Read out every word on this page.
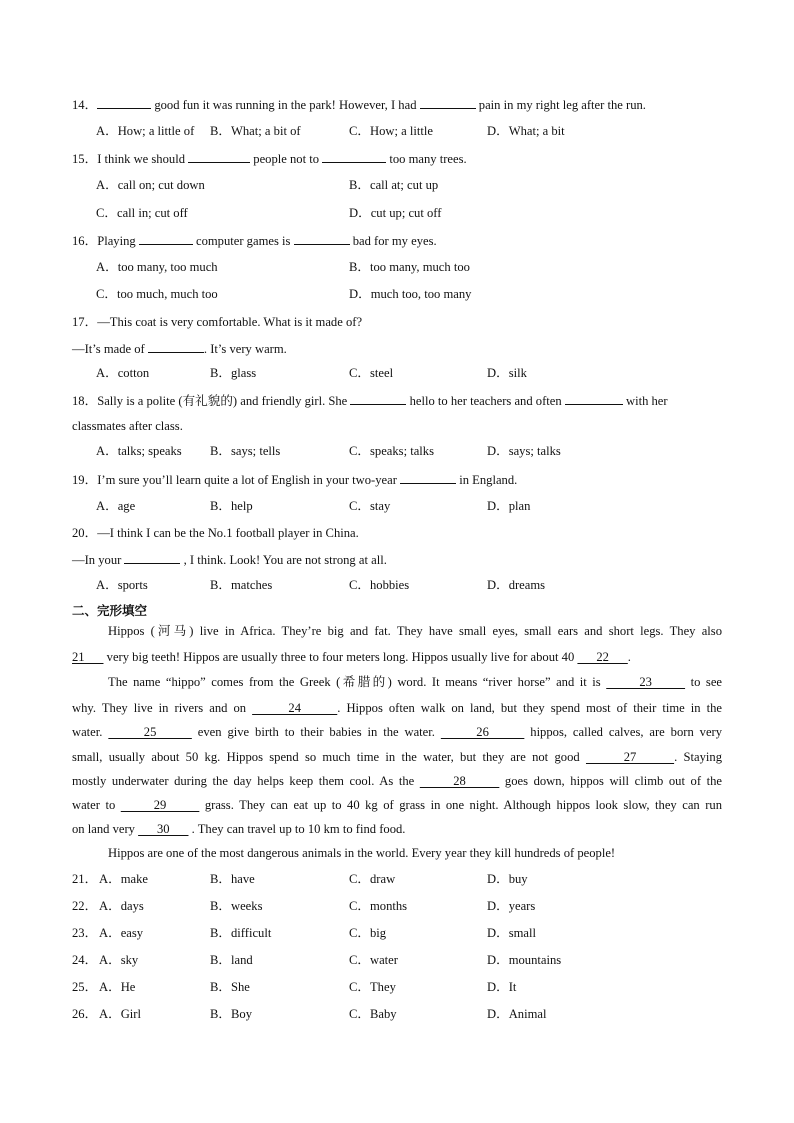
14．	good fun it was running in the park! However, I had	pain in my right leg after the run.
A．How; a little of B．What; a bit of	C．How; a little	D．What; a bit
15．I think we should	people not to	too many trees.
A．call on; cut down	B．call at; cut up
C．call in; cut off	D．cut up; cut off
16．Playing	computer games is	bad for my eyes.
A．too many, too much	B．too many, much too
C．too much, much too	D．much too, too many
17．—This coat is very comfortable. What is it made of?
—It’s made of	. It’s very warm.
A．cotton	B．glass	C．steel	D．silk
18．Sally is a polite (有礼貌的) and friendly girl. She	hello to her teachers and often	with her
classmates after class.
A．talks; speaks B．says; tells	C．speaks; talks	D．says; talks
19．I’m sure you’ll learn quite a lot of English in your two-year	in England.
A．age	B．help	C．stay	D．plan
20．—I think I can be the No.1 football player in China.
—In your	, I think. Look! You are not strong at all.
A．sports	B．matches	C．hobbies	D．dreams
二、完形填空
Hippos (河马) live in Africa. They’re big and fat. They have small eyes, small ears and short legs. They also
21       very big teeth! Hippos are usually three to four meters long. Hippos usually live for about 40       22      .
The name “hippo” comes from the Greek (希腊的) word. It means “river horse” and it is       23       to see
why. They live in rivers and on       24      . Hippos often walk on land, but they spend most of their time in the
water.       25       even give birth to their babies in the water.       26       hippos, called calves, are born very
small, usually about 50 kg. Hippos spend so much time in the water, but they are not good       27      . Staying
mostly underwater during the day helps keep them cool. As the       28       goes down, hippos will climb out of the
water to       29       grass. They can eat up to 40 kg of grass in one night. Although hippos look slow, they can run
on land very       30       . They can travel up to 10 km to find food.
Hippos are one of the most dangerous animals in the world. Every year they kill hundreds of people!
21． A．make	B．have	C．draw	D．buy
22． A．days	B．weeks	C．months	D．years
23． A．easy	B．difficult	C．big	D．small
24． A．sky	B．land	C．water	D．mountains
25． A．He	B．She	C．They	D．It
26． A．Girl	B．Boy	C．Baby	D．Animal
